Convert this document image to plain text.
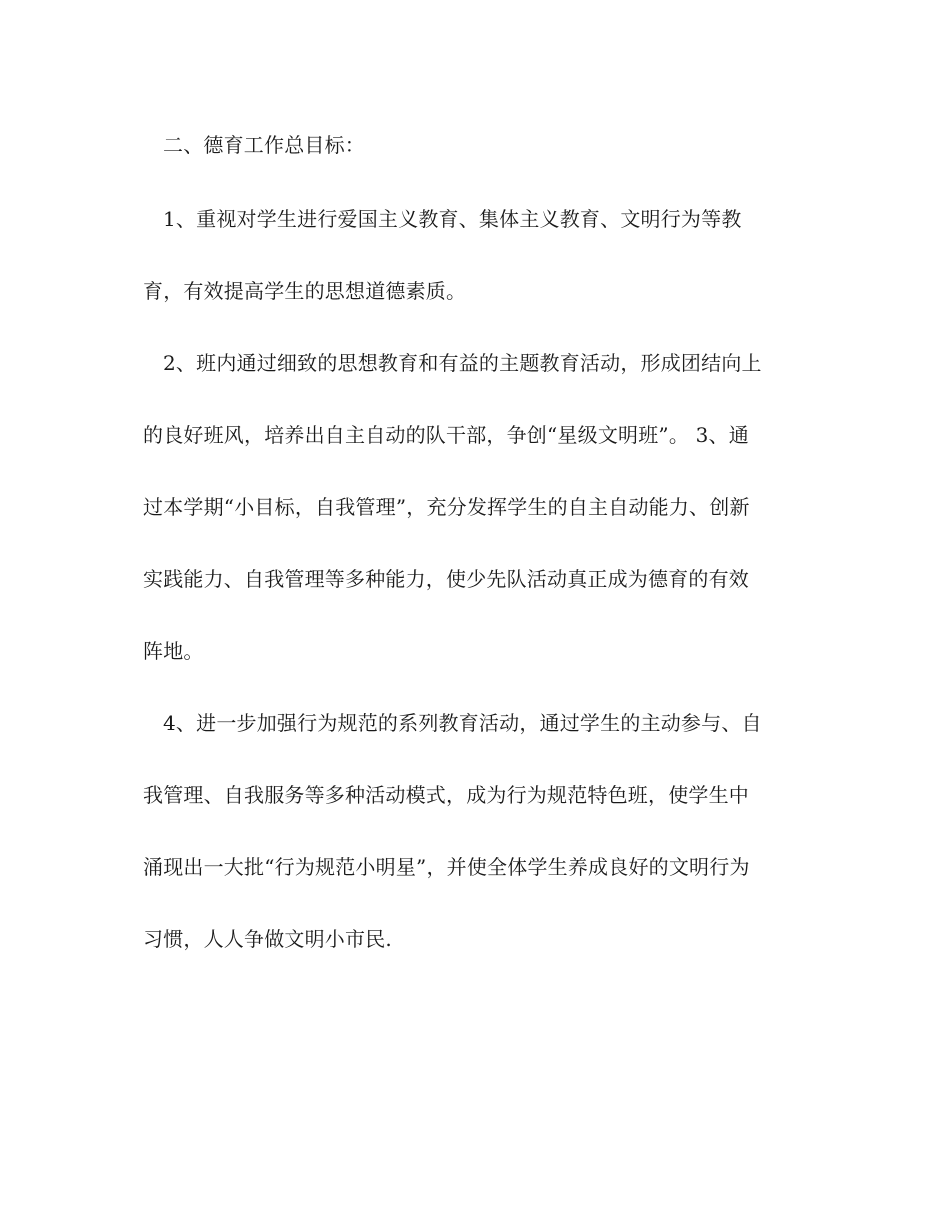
二、德育工作总目标：
1、重视对学生进行爱国主义教育、集体主义教育、文明行为等教
育，有效提高学生的思想道德素质。
2、班内通过细致的思想教育和有益的主题教育活动，形成团结向上
的良好班风，培养出自主自动的队干部，争创“星级文明班”。 3、通
过本学期“小目标，自我管理”，充分发挥学生的自主自动能力、创新
实践能力、自我管理等多种能力，使少先队活动真正成为德育的有效
阵地。
4、进一步加强行为规范的系列教育活动，通过学生的主动参与、自
我管理、自我服务等多种活动模式，成为行为规范特色班，使学生中
涌现出一大批“行为规范小明星”，并使全体学生养成良好的文明行为
习惯，人人争做文明小市民.
